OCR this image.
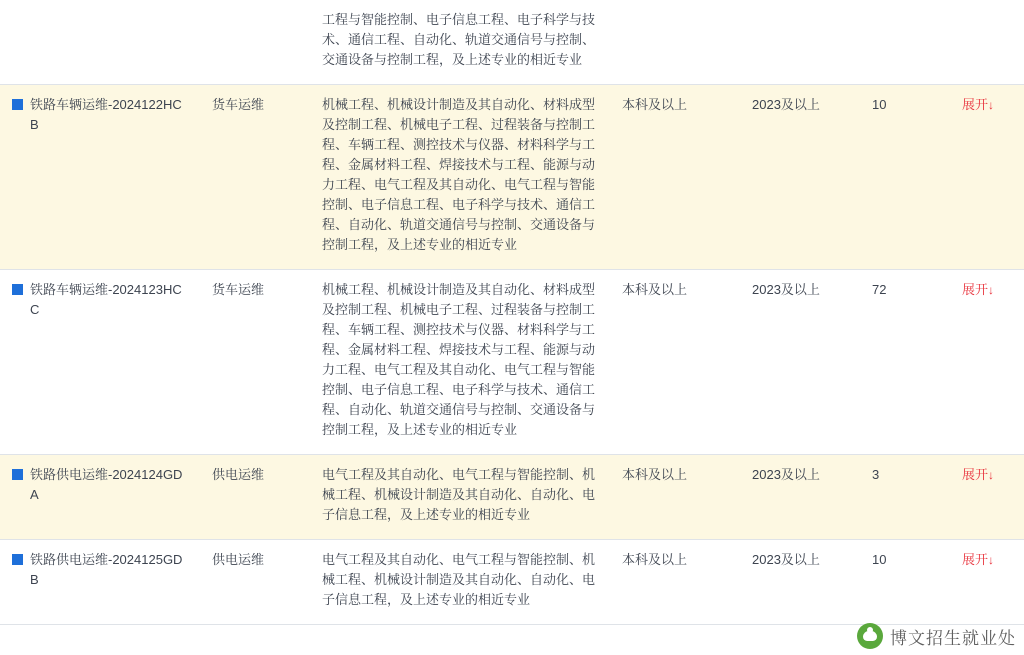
		工程与智能控制、电子信息工程、电子科学与技术、通信工程、自动化、轨道交通信号与控制、交通设备与控制工程，及上述专业的相近专业				

铁路车辆运维-2024122HCB	货车运维	机械工程、机械设计制造及其自动化、材料成型及控制工程、机械电子工程、过程装备与控制工程、车辆工程、测控技术与仪器、材料科学与工程、金属材料工程、焊接技术与工程、能源与动力工程、电气工程及其自动化、电气工程与智能控制、电子信息工程、电子科学与技术、通信工程、自动化、轨道交通信号与控制、交通设备与控制工程，及上述专业的相近专业	本科及以上	2023及以上	10	展开↓

铁路车辆运维-2024123HCC	货车运维	机械工程、机械设计制造及其自动化、材料成型及控制工程、机械电子工程、过程装备与控制工程、车辆工程、测控技术与仪器、材料科学与工程、金属材料工程、焊接技术与工程、能源与动力工程、电气工程及其自动化、电气工程与智能控制、电子信息工程、电子科学与技术、通信工程、自动化、轨道交通信号与控制、交通设备与控制工程，及上述专业的相近专业	本科及以上	2023及以上	72	展开↓

铁路供电运维-2024124GDA	供电运维	电气工程及其自动化、电气工程与智能控制、机械工程、机械设计制造及其自动化、自动化、电子信息工程，及上述专业的相近专业	本科及以上	2023及以上	3	展开↓

铁路供电运维-2024125GDB	供电运维	电气工程及其自动化、电气工程与智能控制、机械工程、机械设计制造及其自动化、自动化、电子信息工程，及上述专业的相近专业	本科及以上	2023及以上	10	展开↓
博文招生就业处
